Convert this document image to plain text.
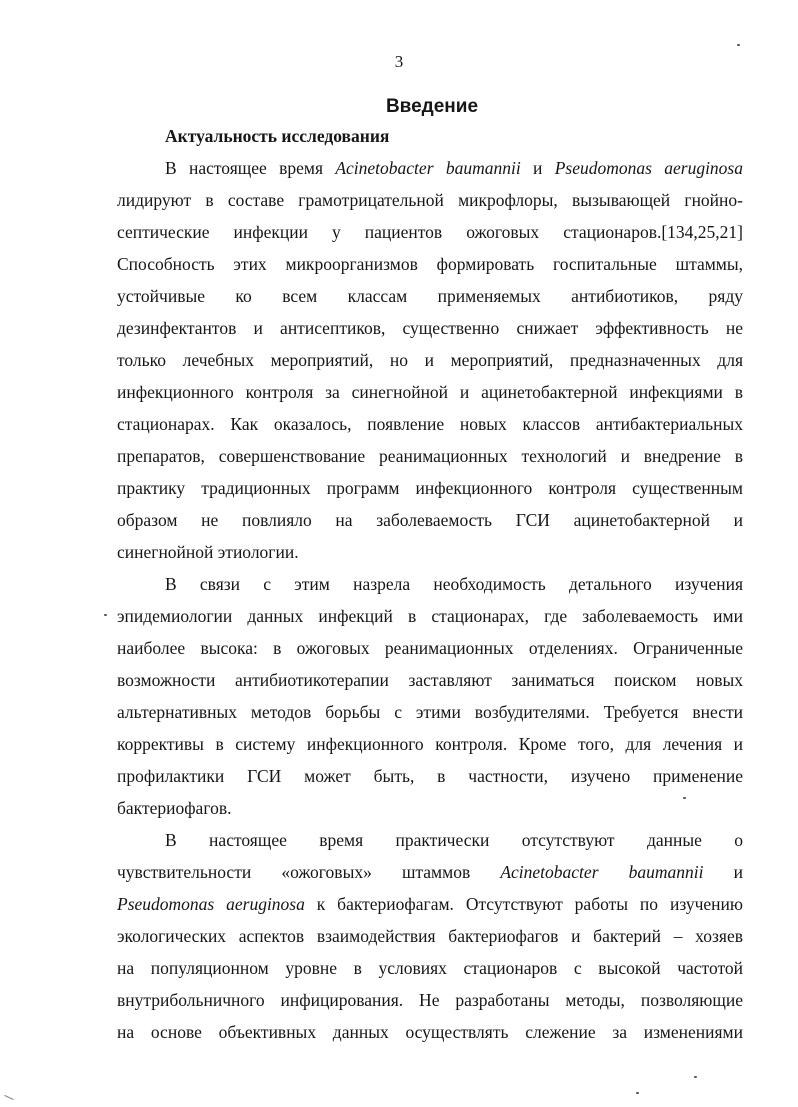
3
Введение
Актуальность исследования
В настоящее время Acinetobacter baumannii и Pseudomonas aeruginosa
лидируют в составе грамотрицательной микрофлоры, вызывающей гнойно-
септические инфекции у пациентов ожоговых стационаров.[134,25,21]
Способность этих микроорганизмов формировать госпитальные штаммы,
устойчивые ко всем классам применяемых антибиотиков, ряду
дезинфектантов и антисептиков, существенно снижает эффективность не
только лечебных мероприятий, но и мероприятий, предназначенных для
инфекционного контроля за синегнойной и ацинетобактерной инфекциями в
стационарах. Как оказалось, появление новых классов антибактериальных
препаратов, совершенствование реанимационных технологий и внедрение в
практику традиционных программ инфекционного контроля существенным
образом не повлияло на заболеваемость ГСИ ацинетобактерной и
синегнойной этиологии.
В связи с этим назрела необходимость детального изучения
эпидемиологии данных инфекций в стационарах, где заболеваемость ими
наиболее высока: в ожоговых реанимационных отделениях. Ограниченные
возможности антибиотикотерапии заставляют заниматься поиском новых
альтернативных методов борьбы с этими возбудителями. Требуется внести
коррективы в систему инфекционного контроля. Кроме того, для лечения и
профилактики ГСИ может быть, в частности, изучено применение
бактериофагов.
В настоящее время практически отсутствуют данные о
чувствительности «ожоговых» штаммов Acinetobacter baumannii и
Pseudomonas aeruginosa к бактериофагам. Отсутствуют работы по изучению
экологических аспектов взаимодействия бактериофагов и бактерий – хозяев
на популяционном уровне в условиях стационаров с высокой частотой
внутрибольничного инфицирования. Не разработаны методы, позволяющие
на основе объективных данных осуществлять слежение за изменениями
